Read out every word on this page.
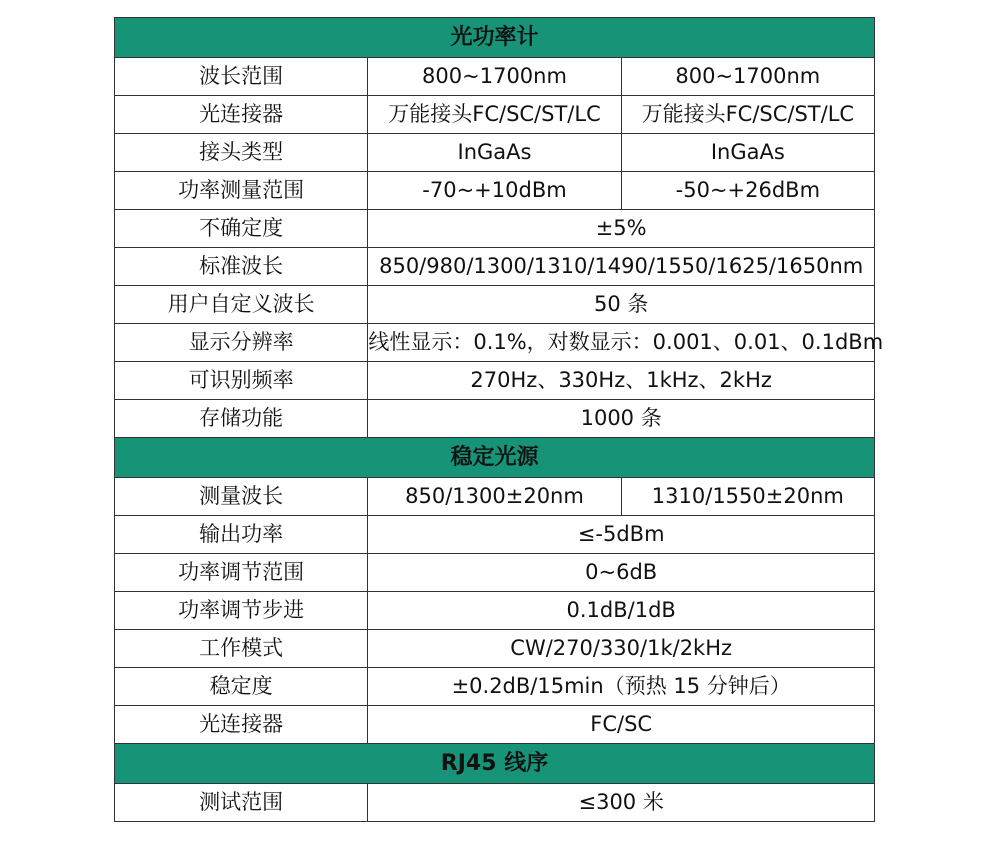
光功率计		
波长范围	800~1700nm	800~1700nm
光连接器	万能接头FC/SC/ST/LC	万能接头FC/SC/ST/LC
接头类型	InGaAs	InGaAs
功率测量范围	-70~+10dBm	-50~+26dBm
不确定度	±5%	
标准波长	850/980/1300/1310/1490/1550/1625/1650nm	
用户自定义波长	50 条	
显示分辨率	线性显示：0.1%，对数显示：0.001、0.01、0.1dBm	
可识别频率	270Hz、330Hz、1kHz、2kHz	
存储功能	1000 条	
稳定光源		
测量波长	850/1300±20nm	1310/1550±20nm
输出功率	≤-5dBm	
功率调节范围	0~6dB	
功率调节步进	0.1dB/1dB	
工作模式	CW/270/330/1k/2kHz	
稳定度	±0.2dB/15min（预热 15 分钟后）	
光连接器	FC/SC	
RJ45 线序		
测试范围	≤300 米	
